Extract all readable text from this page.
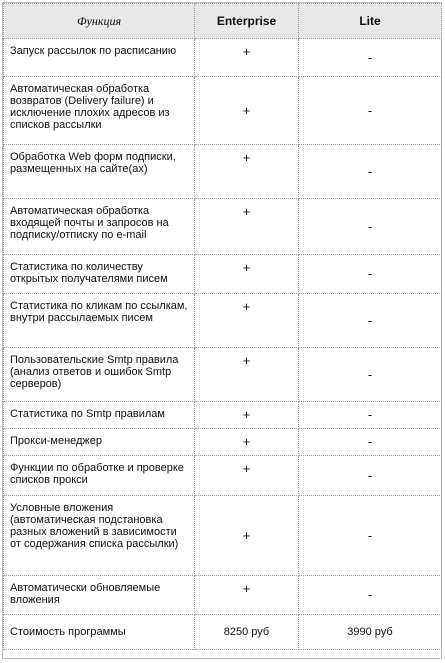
Функция	Enterprise	Lite
Запуск рассылок по расписанию	+	-
Автоматическая обработка возвратов (Delivery failure) и исключение плохих адресов из списков рассылки	+	-
Обработка Web форм подписки, размещенных на сайте(ах)	+	-
Автоматическая обработка входящей почты и запросов на подписку/отписку по e-mail	+	-
Статистика по количеству открытых получателями писем	+	-
Статистика по кликам по ссылкам, внутри рассылаемых писем	+	-
Пользовательские Smtp правила (анализ ответов и ошибок Smtp серверов)	+	-
Статистика по Smtp правилам	+	-
Прокси-менеджер	+	-
Функции по обработке и проверке списков прокси	+	-
Условные вложения (автоматическая подстановка разных вложений в зависимости от содержания списка рассылки)	+	-
Автоматически обновляемые вложения	+	-
Стоимость программы	8250 руб	3990 руб
